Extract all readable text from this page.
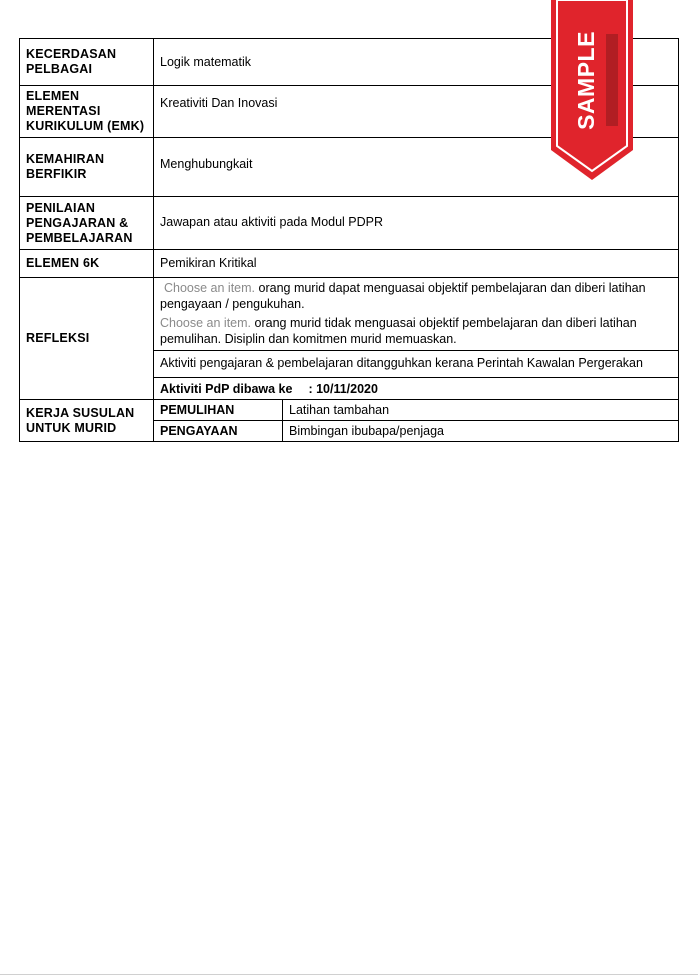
KECERDASAN PELBAGAI	Logik matematik	
ELEMEN MERENTASI KURIKULUM (EMK)	Kreativiti Dan Inovasi	
KEMAHIRAN BERFIKIR	Menghubungkait	
PENILAIAN PENGAJARAN & PEMBELAJARAN	Jawapan atau aktiviti pada Modul PDPR	
ELEMEN 6K	Pemikiran Kritikal	
REFLEKSI	Choose an item. orang murid dapat menguasai objektif pembelajaran dan diberi latihan pengayaan / pengukuhan.
Choose an item. orang murid tidak menguasai objektif pembelajaran dan diberi latihan pemulihan. Disiplin dan komitmen murid memuaskan.
Aktiviti pengajaran & pembelajaran ditangguhkan kerana Perintah Kawalan Pergerakan
Aktiviti PdP dibawa ke : 10/11/2020	

KERJA SUSULAN UNTUK MURID	PEMULIHAN	Latihan tambahan
	PENGAYAAN	Bimbingan ibubapa/penjaga
SAMPLE
